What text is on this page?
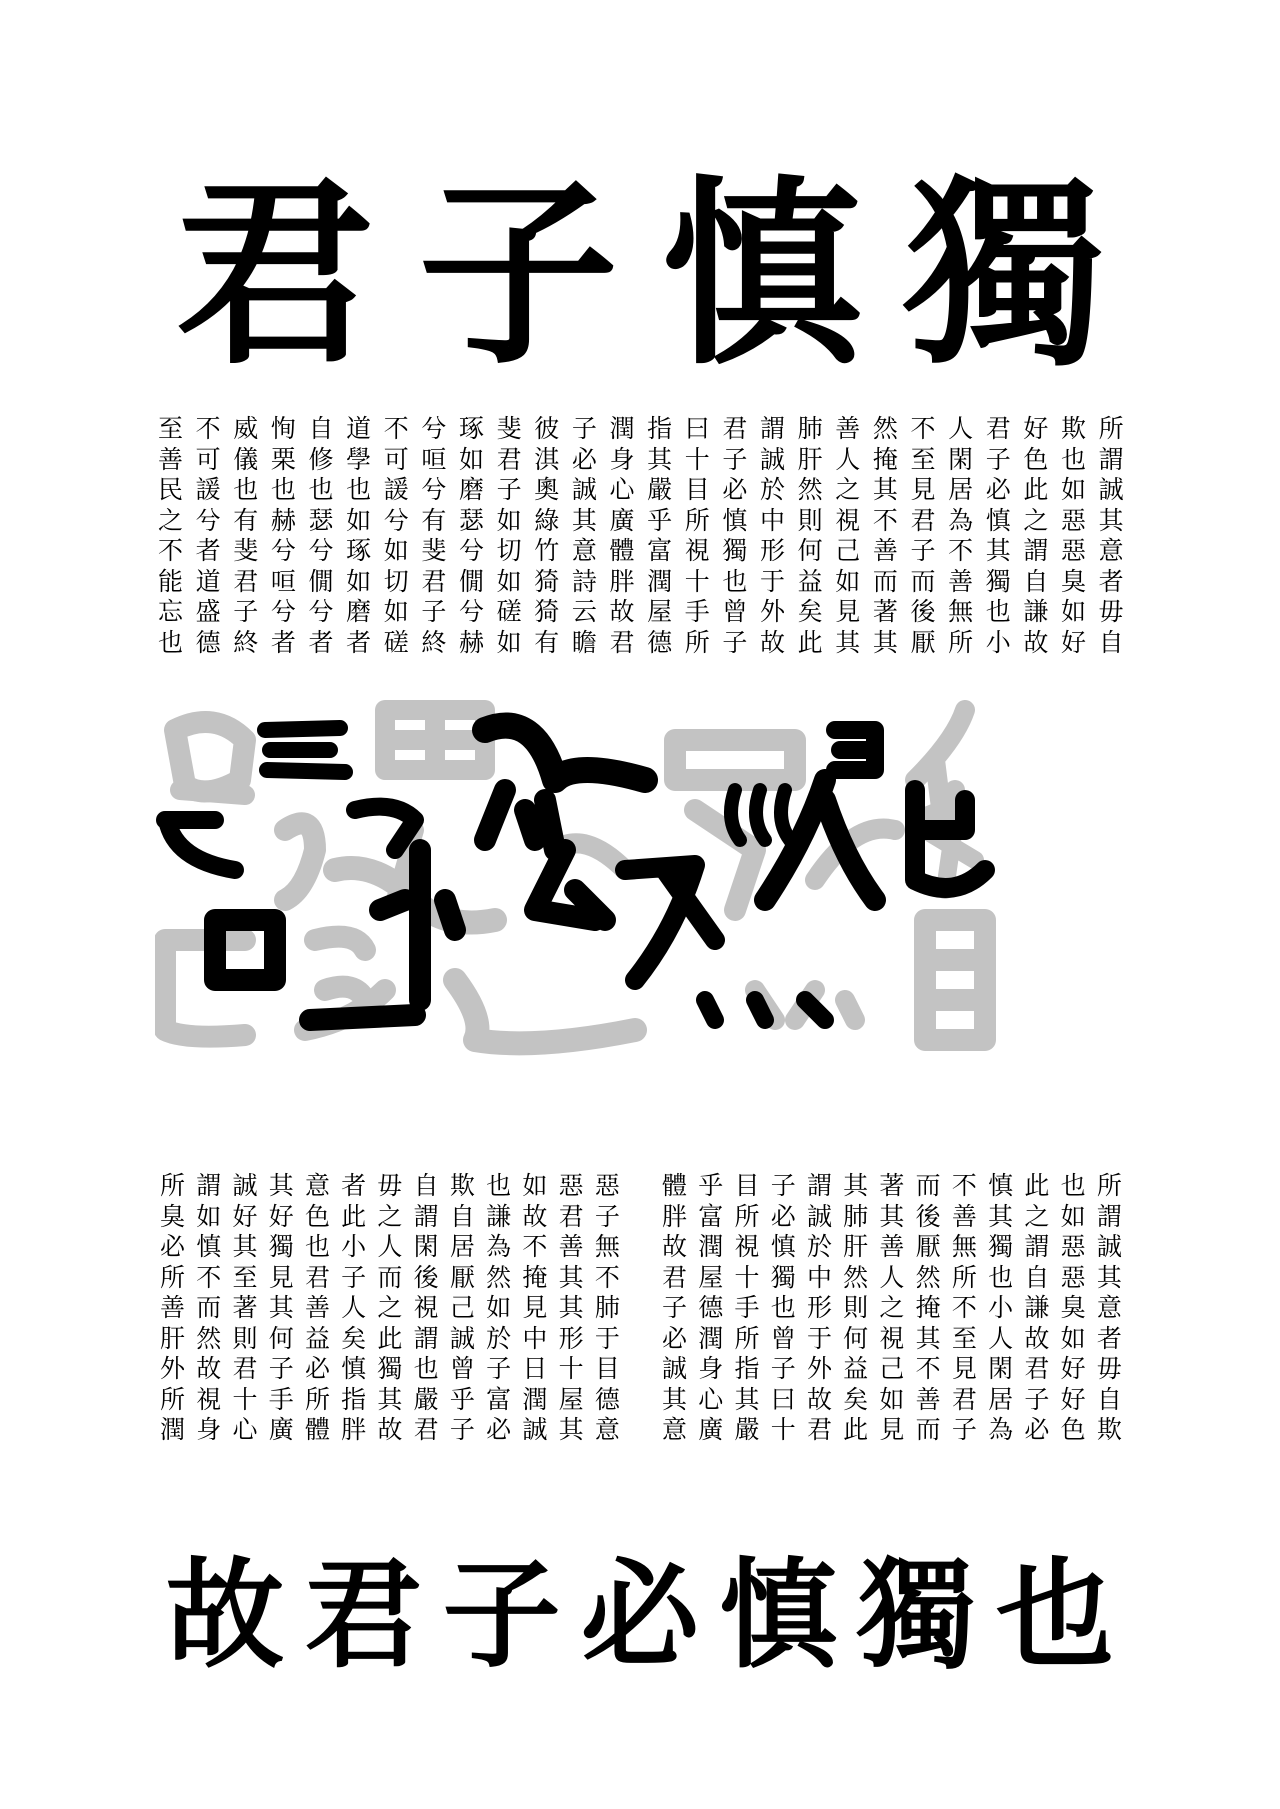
君 子 慎 獨
所
謂
誠
其
意
者
毋
自
欺
也
如
惡
惡
臭
如
好
好
色
此
之
謂
自
謙
故
君
子
必
慎
其
獨
也
小
人
閑
居
為
不
善
無
所
不
至
見
君
子
而
後
厭
然
掩
其
不
善
而
著
其
善
人
之
視
己
如
見
其
肺
肝
然
則
何
益
矣
此
謂
誠
於
中
形
于
外
故
君
子
必
慎
獨
也
曾
子
曰
十
目
所
視
十
手
所
指
其
嚴
乎
富
潤
屋
德
潤
身
心
廣
體
胖
故
君
子
必
誠
其
意
詩
云
瞻
彼
淇
奧
綠
竹
猗
猗
有
斐
君
子
如
切
如
磋
如
琢
如
磨
瑟
兮
僩
兮
赫
兮
咺
兮
有
斐
君
子
終
不
可
諼
兮
如
切
如
磋
道
學
也
如
琢
如
磨
者
自
修
也
瑟
兮
僩
兮
者
恂
栗
也
赫
兮
咺
兮
者
威
儀
也
有
斐
君
子
終
不
可
諼
兮
者
道
盛
德
至
善
民
之
不
能
忘
也
惡
子
無
不
肺
于
目
德
意
惡
君
善
其
其
形
十
屋
其
如
故
不
掩
見
中
日
潤
誠
也
謙
為
然
如
於
子
富
必
欺
自
居
厭
己
誠
曾
乎
子
自
謂
閑
後
視
謂
也
嚴
君
毋
之
人
而
之
此
獨
其
故
者
此
小
子
人
矣
慎
指
胖
意
色
也
君
善
益
必
所
體
其
好
獨
見
其
何
子
手
廣
誠
好
其
至
著
則
君
十
心
謂
如
慎
不
而
然
故
視
身
所
臭
必
所
善
肝
外
所
潤
所
謂
誠
其
意
者
毋
自
欺
也
如
惡
惡
臭
如
好
好
色
此
之
謂
自
謙
故
君
子
必
慎
其
獨
也
小
人
閑
居
為
不
善
無
所
不
至
見
君
子
而
後
厭
然
掩
其
不
善
而
著
其
善
人
之
視
己
如
見
其
肺
肝
然
則
何
益
矣
此
謂
誠
於
中
形
于
外
故
君
子
必
慎
獨
也
曾
子
曰
十
目
所
視
十
手
所
指
其
嚴
乎
富
潤
屋
德
潤
身
心
廣
體
胖
故
君
子
必
誠
其
意
故 君 子 必 慎 獨 也
